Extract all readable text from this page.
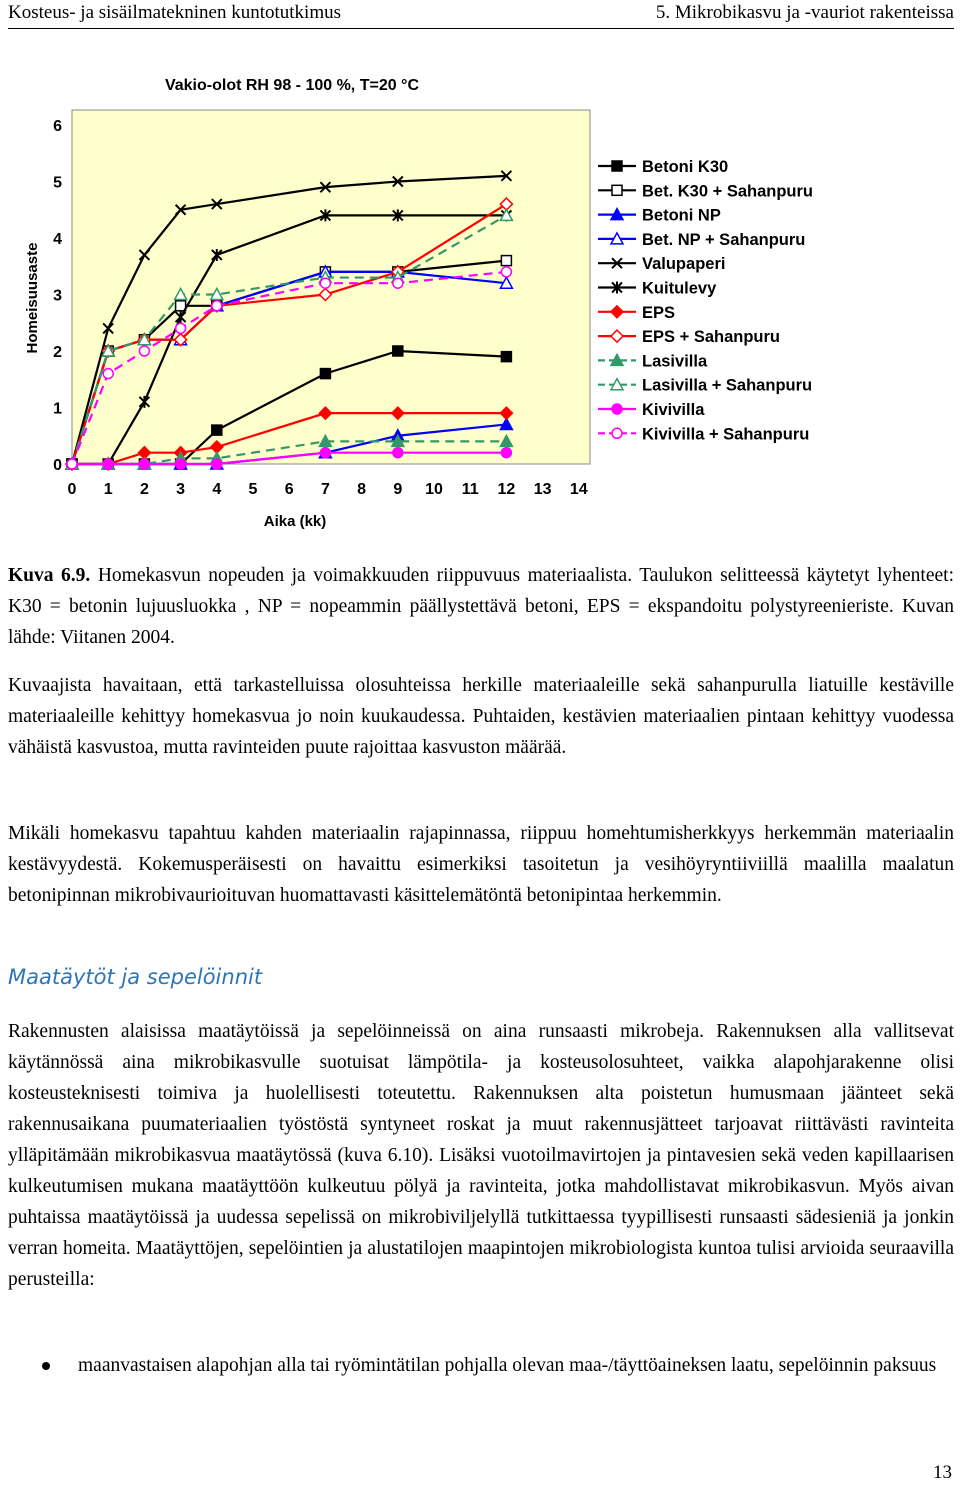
Kosteus- ja sisäilmatekninen kuntotutkimus	5. Mikrobikasvu ja -vauriot rakenteissa
Vakio-olot RH 98 - 100 %, T=20 °C
0
1
2
3
4
5
6
0 1 2 3 4 5 6 7 8 9 10 11 12 13 14
Homeisuusaste
Aika (kk)
Betoni K30
Bet. K30 + Sahanpuru
Betoni NP
Bet. NP + Sahanpuru
Valupaperi
Kuitulevy
EPS
EPS + Sahanpuru
Lasivilla
Lasivilla + Sahanpuru
Kivivilla
Kivivilla + Sahanpuru
Kuva 6.9. Homekasvun nopeuden ja voimakkuuden riippuvuus materiaalista. Taulukon selitteessä käytetyt lyhenteet: K30 = betonin lujuusluokka , NP = nopeammin päällystettävä betoni, EPS = ekspandoitu polystyreenieriste. Kuvan lähde: Viitanen 2004.
Kuvaajista havaitaan, että tarkastelluissa olosuhteissa herkille materiaaleille sekä sahanpurulla liatuille kestäville materiaaleille kehittyy homekasvua jo noin kuukaudessa. Puhtaiden, kestävien materiaalien pintaan kehittyy vuodessa vähäistä kasvustoa, mutta ravinteiden puute rajoittaa kasvuston määrää.
Mikäli homekasvu tapahtuu kahden materiaalin rajapinnassa, riippuu homehtumisherkkyys herkemmän materiaalin kestävyydestä. Kokemusperäisesti on havaittu esimerkiksi tasoitetun ja vesihöyryntiiviillä maalilla maalatun betonipinnan mikrobivaurioituvan huomattavasti käsittelemätöntä betonipintaa herkemmin.
Maatäytöt ja sepelöinnit
Rakennusten alaisissa maatäytöissä ja sepelöinneissä on aina runsaasti mikrobeja. Rakennuksen alla vallitsevat käytännössä aina mikrobikasvulle suotuisat lämpötila- ja kosteusolosuhteet, vaikka alapohjarakenne olisi kosteusteknisesti toimiva ja huolellisesti toteutettu. Rakennuksen alta poistetun humusmaan jäänteet sekä rakennusaikana puumateriaalien työstöstä syntyneet roskat ja muut rakennusjätteet tarjoavat riittävästi ravinteita ylläpitämään mikrobikasvua maatäytössä (kuva 6.10). Lisäksi vuotoilmavirtojen ja pintavesien sekä veden kapillaarisen kulkeutumisen mukana maatäyttöön kulkeutuu pölyä ja ravinteita, jotka mahdollistavat mikrobikasvun. Myös aivan puhtaissa maatäytöissä ja uudessa sepelissä on mikrobiviljelyllä tutkittaessa tyypillisesti runsaasti sädesieniä ja jonkin verran homeita. Maatäyttöjen, sepelöintien ja alustatilojen maapintojen mikrobiologista kuntoa tulisi arvioida seuraavilla perusteilla:
maanvastaisen alapohjan alla tai ryömintätilan pohjalla olevan maa-/täyttöaineksen laatu, sepelöinnin paksuus
13
